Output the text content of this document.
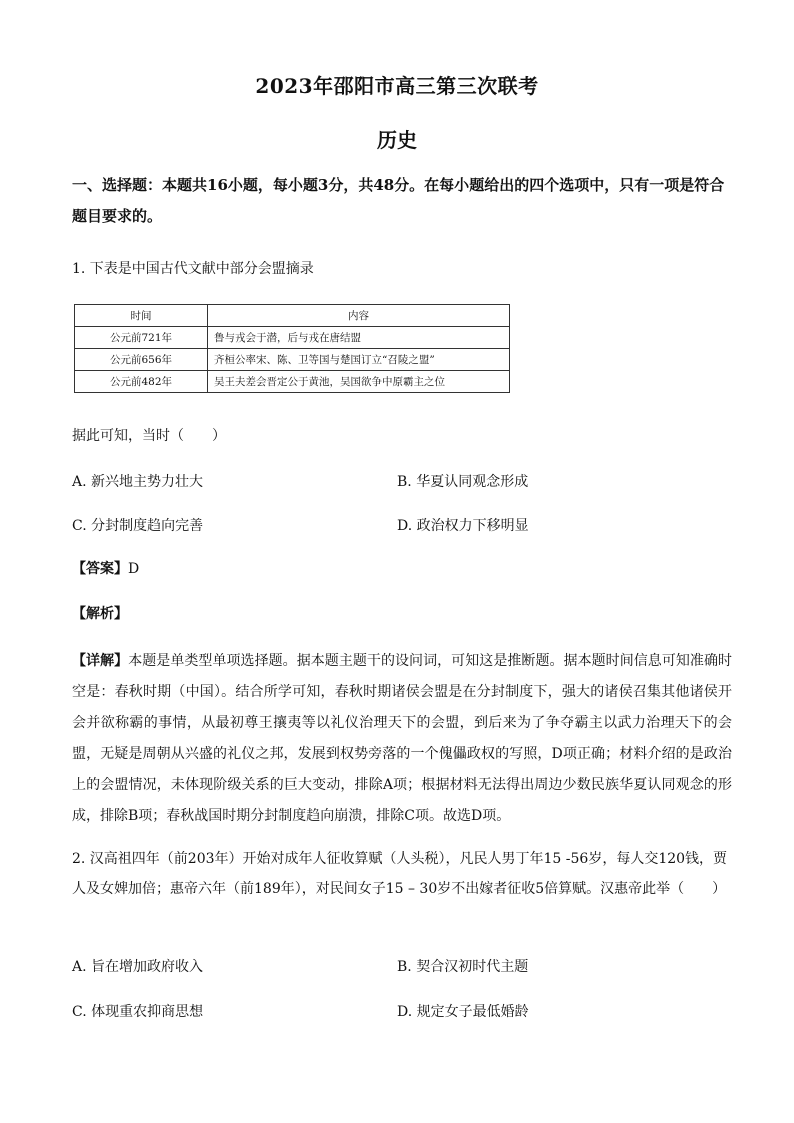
2023年邵阳市高三第三次联考
历史
一、选择题：本题共16小题，每小题3分，共48分。在每小题给出的四个选项中，只有一项是符合题目要求的。
1. 下表是中国古代文献中部分会盟摘录
时间	内容
公元前721年	鲁与戎会于潜，后与戎在唐结盟
公元前656年	齐桓公率宋、陈、卫等国与楚国订立“召陵之盟”
公元前482年	吴王夫差会晋定公于黄池，吴国欲争中原霸主之位
据此可知，当时（　　）
A. 新兴地主势力壮大	B. 华夏认同观念形成
C. 分封制度趋向完善	D. 政治权力下移明显
【答案】D
【解析】
【详解】本题是单类型单项选择题。据本题主题干的设问词，可知这是推断题。据本题时间信息可知准确时空是：春秋时期（中国）。结合所学可知，春秋时期诸侯会盟是在分封制度下，强大的诸侯召集其他诸侯开会并欲称霸的事情，从最初尊王攘夷等以礼仪治理天下的会盟，到后来为了争夺霸主以武力治理天下的会盟，无疑是周朝从兴盛的礼仪之邦，发展到权势旁落的一个傀儡政权的写照，D项正确；材料介绍的是政治上的会盟情况，未体现阶级关系的巨大变动，排除A项；根据材料无法得出周边少数民族华夏认同观念的形成，排除B项；春秋战国时期分封制度趋向崩溃，排除C项。故选D项。
2. 汉高祖四年（前203年）开始对成年人征收算赋（人头税），凡民人男丁年15 -56岁，每人交120钱，贾人及女婢加倍；惠帝六年（前189年），对民间女子15 – 30岁不出嫁者征收5倍算赋。汉惠帝此举（　　）
A. 旨在增加政府收入	B. 契合汉初时代主题
C. 体现重农抑商思想	D. 规定女子最低婚龄
